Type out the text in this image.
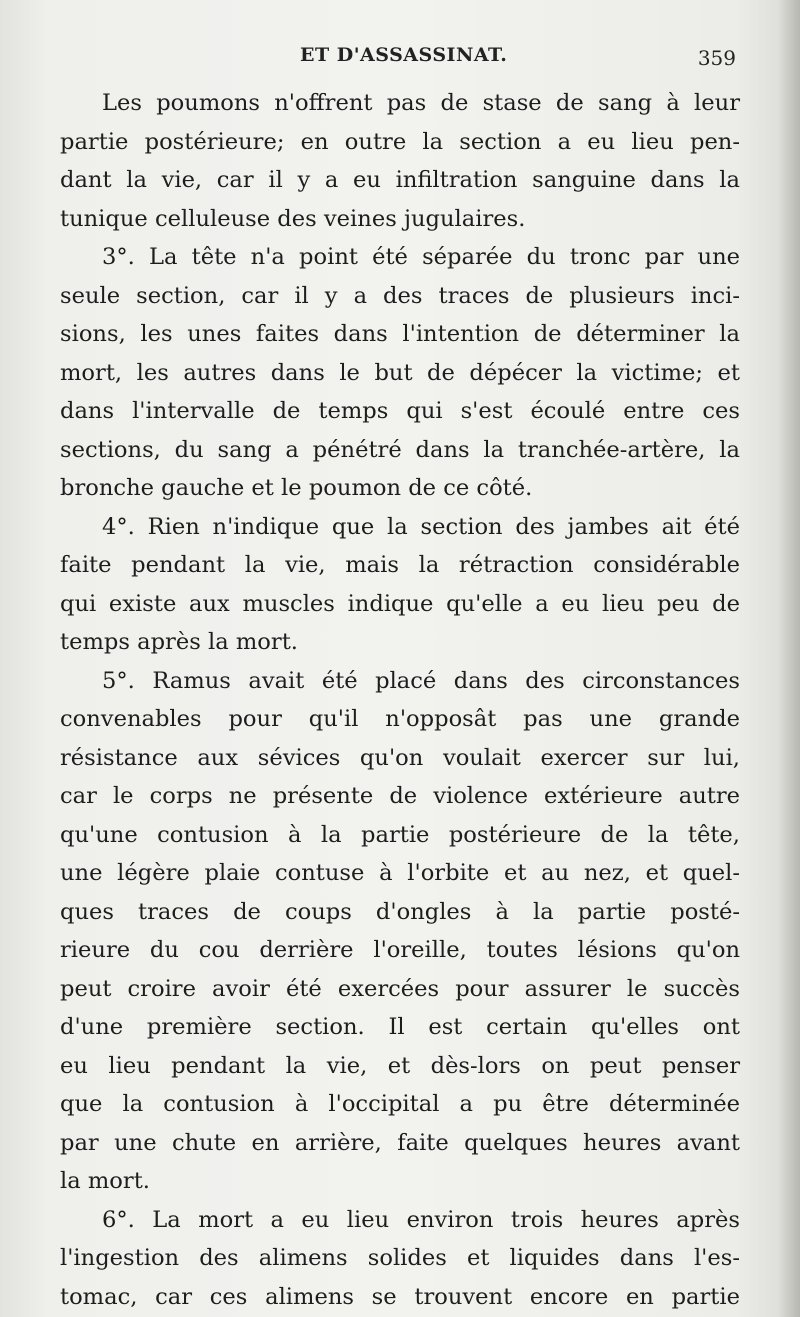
ET D'ASSASSINAT.	359
Les poumons n'offrent pas de stase de sang à leur
partie postérieure; en outre la section a eu lieu pen-
dant la vie, car il y a eu infiltration sanguine dans la
tunique celluleuse des veines jugulaires.
3°. La tête n'a point été séparée du tronc par une
seule section, car il y a des traces de plusieurs inci-
sions, les unes faites dans l'intention de déterminer la
mort, les autres dans le but de dépécer la victime; et
dans l'intervalle de temps qui s'est écoulé entre ces
sections, du sang a pénétré dans la tranchée-artère, la
bronche gauche et le poumon de ce côté.
4°. Rien n'indique que la section des jambes ait été
faite pendant la vie, mais la rétraction considérable
qui existe aux muscles indique qu'elle a eu lieu peu de
temps après la mort.
5°. Ramus avait été placé dans des circonstances
convenables pour qu'il n'opposât pas une grande
résistance aux sévices qu'on voulait exercer sur lui,
car le corps ne présente de violence extérieure autre
qu'une contusion à la partie postérieure de la tête,
une légère plaie contuse à l'orbite et au nez, et quel-
ques traces de coups d'ongles à la partie posté-
rieure du cou derrière l'oreille, toutes lésions qu'on
peut croire avoir été exercées pour assurer le succès
d'une première section. Il est certain qu'elles ont
eu lieu pendant la vie, et dès-lors on peut penser
que la contusion à l'occipital a pu être déterminée
par une chute en arrière, faite quelques heures avant
la mort.
6°. La mort a eu lieu environ trois heures après
l'ingestion des alimens solides et liquides dans l'es-
tomac, car ces alimens se trouvent encore en partie
